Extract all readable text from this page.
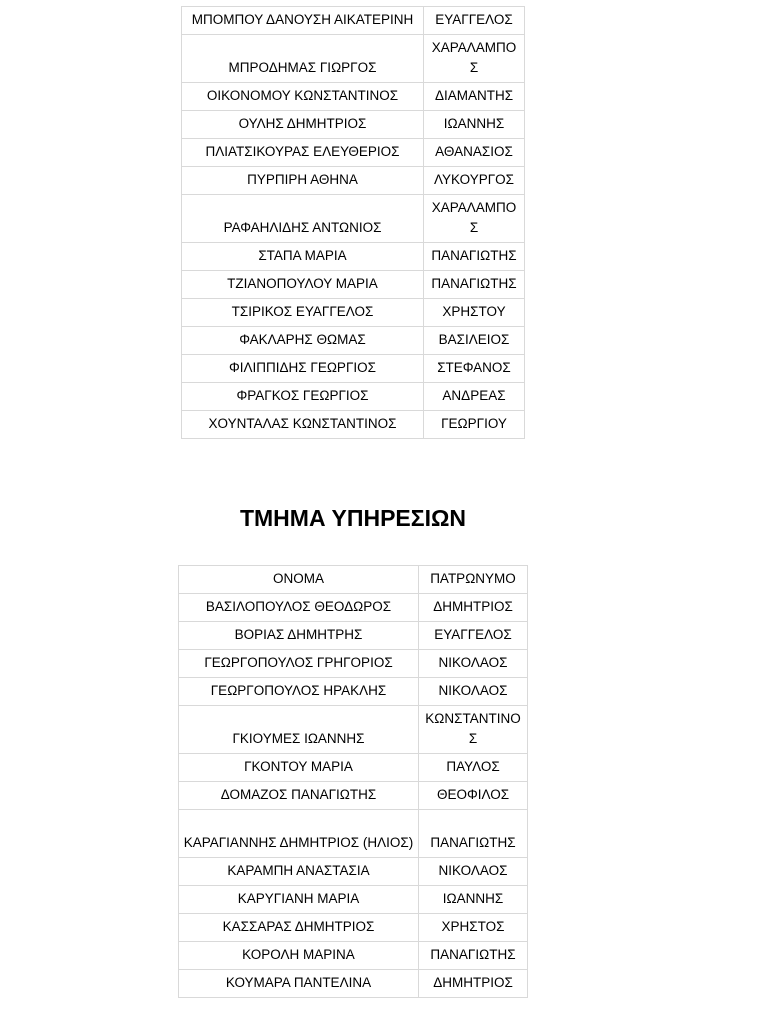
ΜΠΟΜΠΟΥ ΔΑΝΟΥΣΗ ΑΙΚΑΤΕΡΙΝΗ	ΕΥΑΓΓΕΛΟΣ
ΜΠΡΟΔΗΜΑΣ ΓΙΩΡΓΟΣ	ΧΑΡΑΛΑΜΠΟΣ
ΟΙΚΟΝΟΜΟΥ ΚΩΝΣΤΑΝΤΙΝΟΣ	ΔΙΑΜΑΝΤΗΣ
ΟΥΛΗΣ ΔΗΜΗΤΡΙΟΣ	ΙΩΑΝΝΗΣ
ΠΛΙΑΤΣΙΚΟΥΡΑΣ ΕΛΕΥΘΕΡΙΟΣ	ΑΘΑΝΑΣΙΟΣ
ΠΥΡΠΙΡΗ ΑΘΗΝΑ	ΛΥΚΟΥΡΓΟΣ
ΡΑΦΑΗΛΙΔΗΣ ΑΝΤΩΝΙΟΣ	ΧΑΡΑΛΑΜΠΟΣ
ΣΤΑΠΑ ΜΑΡΙΑ	ΠΑΝΑΓΙΩΤΗΣ
ΤΖΙΑΝΟΠΟΥΛΟΥ ΜΑΡΙΑ	ΠΑΝΑΓΙΩΤΗΣ
ΤΣΙΡΙΚΟΣ ΕΥΑΓΓΕΛΟΣ	ΧΡΗΣΤΟΥ
ΦΑΚΛΑΡΗΣ ΘΩΜΑΣ	ΒΑΣΙΛΕΙΟΣ
ΦΙΛΙΠΠΙΔΗΣ ΓΕΩΡΓΙΟΣ	ΣΤΕΦΑΝΟΣ
ΦΡΑΓΚΟΣ ΓΕΩΡΓΙΟΣ	ΑΝΔΡΕΑΣ
ΧΟΥΝΤΑΛΑΣ ΚΩΝΣΤΑΝΤΙΝΟΣ	ΓΕΩΡΓΙΟΥ
ΤΜΗΜΑ ΥΠΗΡΕΣΙΩΝ
ΟΝΟΜΑ	ΠΑΤΡΩΝΥΜΟ
ΒΑΣΙΛΟΠΟΥΛΟΣ ΘΕΟΔΩΡΟΣ	ΔΗΜΗΤΡΙΟΣ
ΒΟΡΙΑΣ ΔΗΜΗΤΡΗΣ	ΕΥΑΓΓΕΛΟΣ
ΓΕΩΡΓΟΠΟΥΛΟΣ ΓΡΗΓΟΡΙΟΣ	ΝΙΚΟΛΑΟΣ
ΓΕΩΡΓΟΠΟΥΛΟΣ ΗΡΑΚΛΗΣ	ΝΙΚΟΛΑΟΣ
ΓΚΙΟΥΜΕΣ ΙΩΑΝΝΗΣ	ΚΩΝΣΤΑΝΤΙΝΟΣ
ΓΚΟΝΤΟΥ ΜΑΡΙΑ	ΠΑΥΛΟΣ
ΔΟΜΑΖΟΣ ΠΑΝΑΓΙΩΤΗΣ	ΘΕΟΦΙΛΟΣ
ΚΑΡΑΓΙΑΝΝΗΣ ΔΗΜΗΤΡΙΟΣ (ΗΛΙΟΣ)	ΠΑΝΑΓΙΩΤΗΣ
ΚΑΡΑΜΠΗ ΑΝΑΣΤΑΣΙΑ	ΝΙΚΟΛΑΟΣ
ΚΑΡΥΓΙΑΝΗ ΜΑΡΙΑ	ΙΩΑΝΝΗΣ
ΚΑΣΣΑΡΑΣ ΔΗΜΗΤΡΙΟΣ	ΧΡΗΣΤΟΣ
ΚΟΡΟΛΗ ΜΑΡΙΝΑ	ΠΑΝΑΓΙΩΤΗΣ
ΚΟΥΜΑΡΑ ΠΑΝΤΕΛΙΝΑ	ΔΗΜΗΤΡΙΟΣ
